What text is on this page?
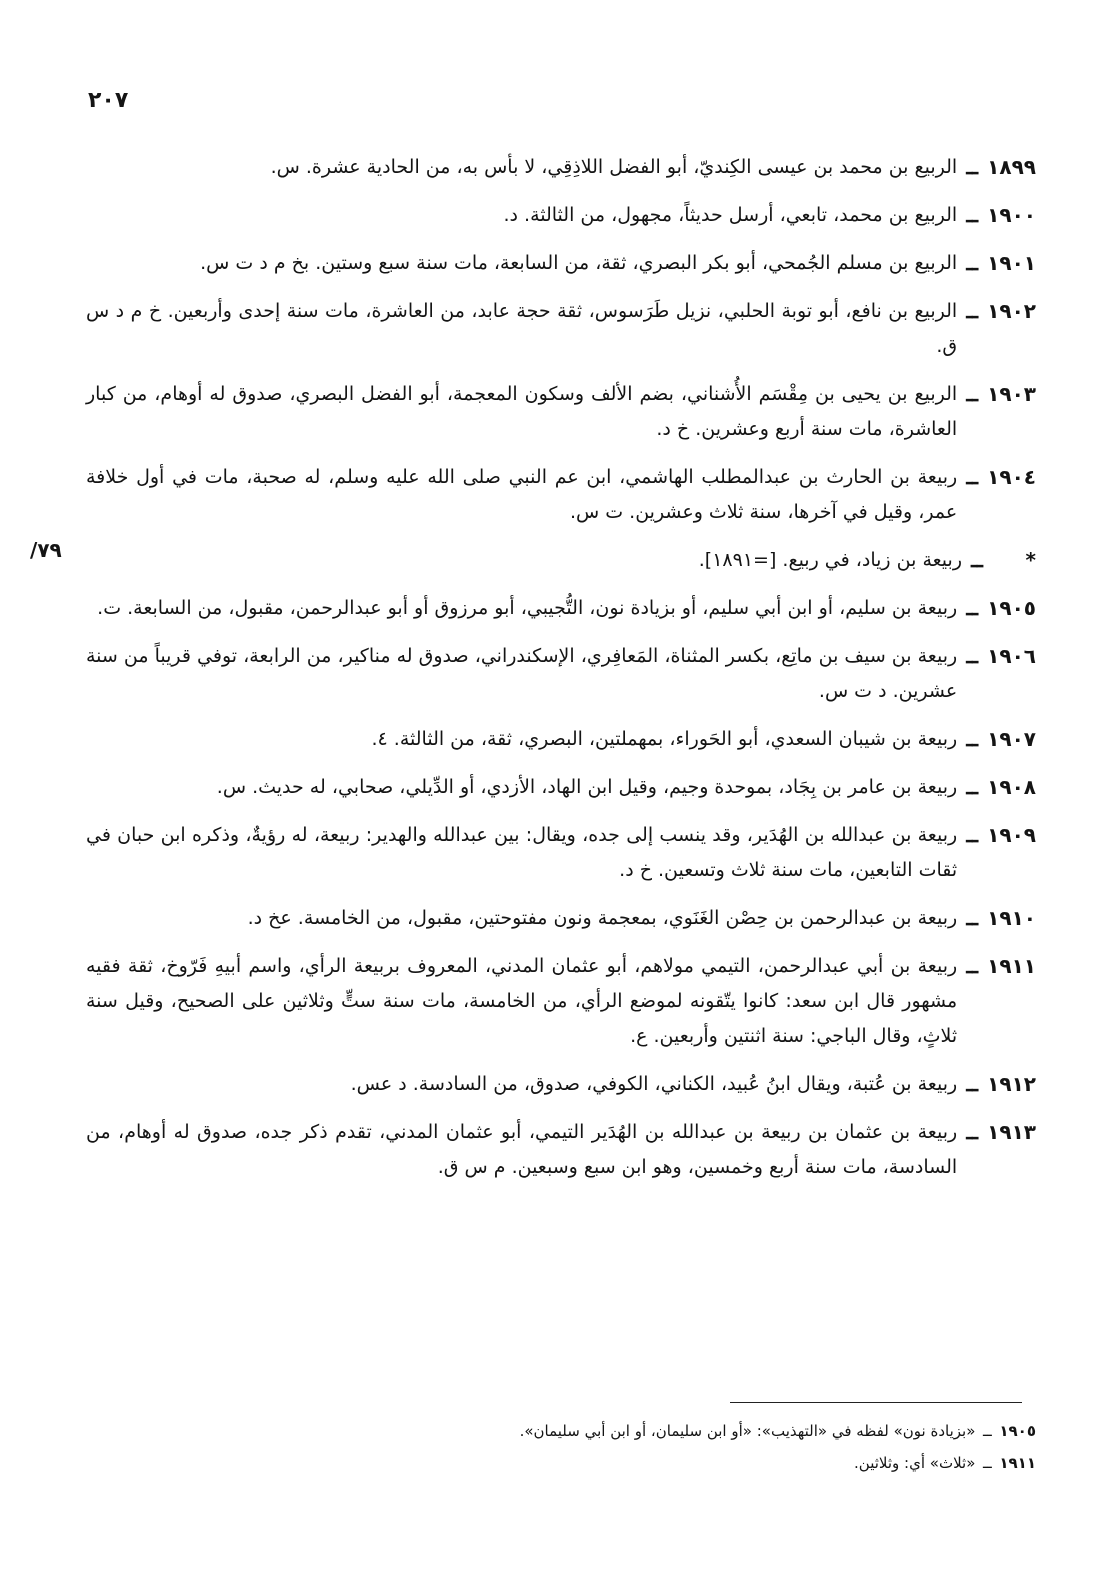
٢٠٧
/٧٩
١٨٩٩
ــ
الربيع بن محمد بن عيسى الكِنديّ، أبو الفضل اللاذِقِي، لا بأس به، من الحادية عشرة. س.
١٩٠٠
ــ
الربيع بن محمد، تابعي، أرسل حديثاً، مجهول، من الثالثة. د.
١٩٠١
ــ
الربيع بن مسلم الجُمحي، أبو بكر البصري، ثقة، من السابعة، مات سنة سبع وستين. بخ م د ت س.
١٩٠٢
ــ
الربيع بن نافع، أبو توبة الحلبي، نزيل طَرَسوس، ثقة حجة عابد، من العاشرة، مات سنة إحدى وأربعين. خ م د س ق.
١٩٠٣
ــ
الربيع بن يحيى بن مِقْسَم الأُشناني، بضم الألف وسكون المعجمة، أبو الفضل البصري، صدوق له أوهام، من كبار العاشرة، مات سنة أربع وعشرين. خ د.
١٩٠٤
ــ
ربيعة بن الحارث بن عبدالمطلب الهاشمي، ابن عم النبي صلى الله عليه وسلم، له صحبة، مات في أول خلافة عمر، وقيل في آخرها، سنة ثلاث وعشرين. ت س.
*
ــ
ربيعة بن زياد، في ربيع. [=١٨٩١].
١٩٠٥
ــ
ربيعة بن سليم، أو ابن أبي سليم، أو بزيادة نون، التُّجيبي، أبو مرزوق أو أبو عبدالرحمن، مقبول، من السابعة. ت.
١٩٠٦
ــ
ربيعة بن سيف بن ماتِع، بكسر المثناة، المَعافِري، الإسكندراني، صدوق له مناكير، من الرابعة، توفي قريباً من سنة عشرين. د ت س.
١٩٠٧
ــ
ربيعة بن شيبان السعدي، أبو الحَوراء، بمهملتين، البصري، ثقة، من الثالثة. ٤.
١٩٠٨
ــ
ربيعة بن عامر بن بِجَاد، بموحدة وجيم، وقيل ابن الهاد، الأزدي، أو الدِّيلي، صحابي، له حديث. س.
١٩٠٩
ــ
ربيعة بن عبدالله بن الهُدَير، وقد ينسب إلى جده، ويقال: بين عبدالله والهدير: ربيعة، له رؤيةٌ، وذكره ابن حبان في ثقات التابعين، مات سنة ثلاث وتسعين. خ د.
١٩١٠
ــ
ربيعة بن عبدالرحمن بن حِصْن الغَنَوي، بمعجمة ونون مفتوحتين، مقبول، من الخامسة. عخ د.
١٩١١
ــ
ربيعة بن أبي عبدالرحمن، التيمي مولاهم، أبو عثمان المدني، المعروف بربيعة الرأي، واسم أبيهِ فَرّوخ، ثقة فقيه مشهور قال ابن سعد: كانوا يتّقونه لموضع الرأي، من الخامسة، مات سنة ستٍّ وثلاثين على الصحيح، وقيل سنة ثلاثٍ، وقال الباجي: سنة اثنتين وأربعين. ع.
١٩١٢
ــ
ربيعة بن عُتبة، ويقال ابنُ عُبيد، الكناني، الكوفي، صدوق، من السادسة. د عس.
١٩١٣
ــ
ربيعة بن عثمان بن ربيعة بن عبدالله بن الهُدَير التيمي، أبو عثمان المدني، تقدم ذكر جده، صدوق له أوهام، من السادسة، مات سنة أربع وخمسين، وهو ابن سبع وسبعين. م س ق.
١٩٠٥
ــ
«بزيادة نون» لفظه في «التهذيب»: «أو ابن سليمان، أو ابن أبي سليمان».
١٩١١
ــ
«ثلاث» أي: وثلاثين.
